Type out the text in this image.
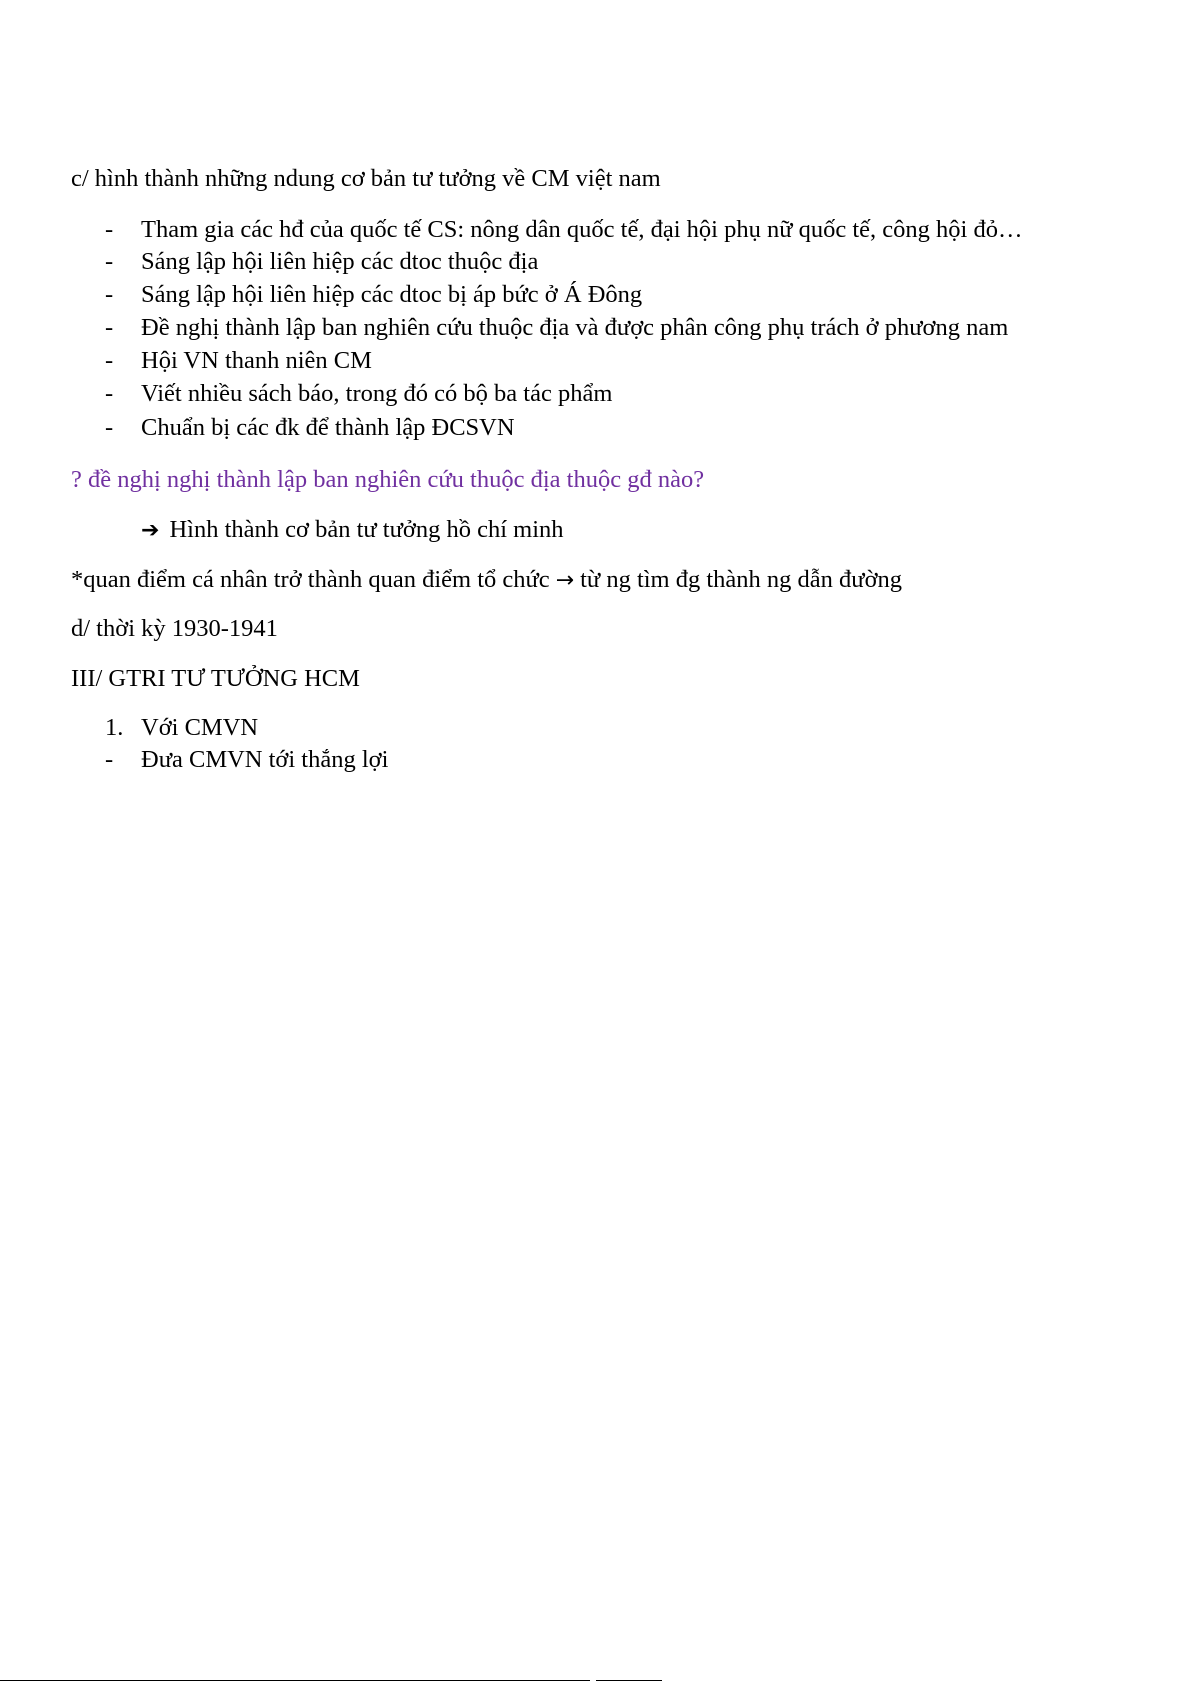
c/ hình thành những ndung cơ bản tư tưởng về CM việt nam
- Tham gia các hđ của quốc tế CS: nông dân quốc tế, đại hội phụ nữ quốc tế, công hội đỏ…
- Sáng lập hội liên hiệp các dtoc thuộc địa
- Sáng lập hội liên hiệp các dtoc bị áp bức ở Á Đông
- Đề nghị thành lập ban nghiên cứu thuộc địa và được phân công phụ trách ở phương nam
- Hội VN thanh niên CM
- Viết nhiều sách báo, trong đó có bộ ba tác phẩm
- Chuẩn bị các đk để thành lập ĐCSVN
? đề nghị nghị thành lập ban nghiên cứu thuộc địa thuộc gđ nào?
➔ Hình thành cơ bản tư tưởng hồ chí minh
*quan điểm cá nhân trở thành quan điểm tổ chức → từ ng tìm đg thành ng dẫn đường
d/ thời kỳ 1930-1941
III/ GTRI TƯ TƯỞNG HCM
1. Với CMVN
- Đưa CMVN tới thắng lợi
